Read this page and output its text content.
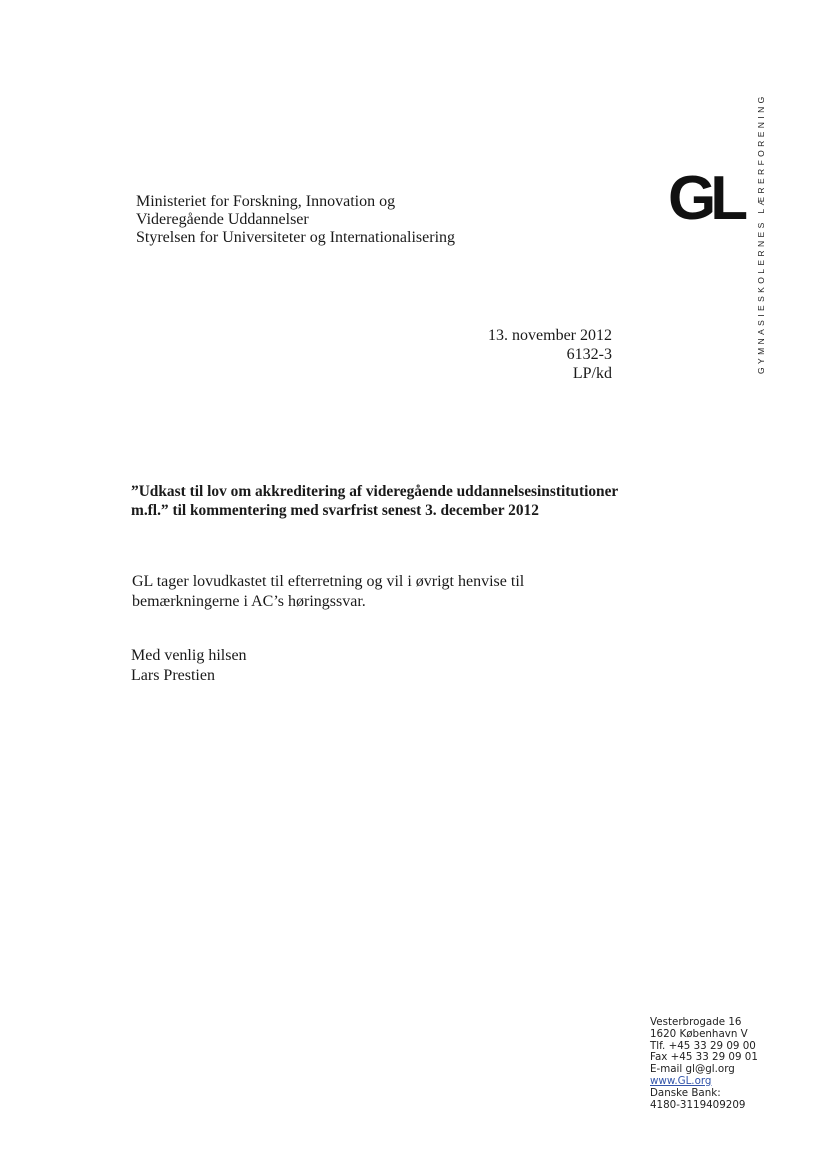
Ministeriet for Forskning, Innovation og
Videregående Uddannelser
Styrelsen for Universiteter og Internationalisering
GL	GYMNASIESKOLERNES LÆRERFORENING
13. november 2012
6132-3
LP/kd
”Udkast til lov om akkreditering af videregående uddannelsesinstitutioner m.fl.” til kommentering med svarfrist senest 3. december 2012
GL tager lovudkastet til efterretning og vil i øvrigt henvise til bemærkningerne i AC’s høringssvar.
Med venlig hilsen
Lars Prestien
Vesterbrogade 16
1620 København V
Tlf. +45 33 29 09 00
Fax +45 33 29 09 01
E-mail gl@gl.org
www.GL.org
Danske Bank:
4180-3119409209
